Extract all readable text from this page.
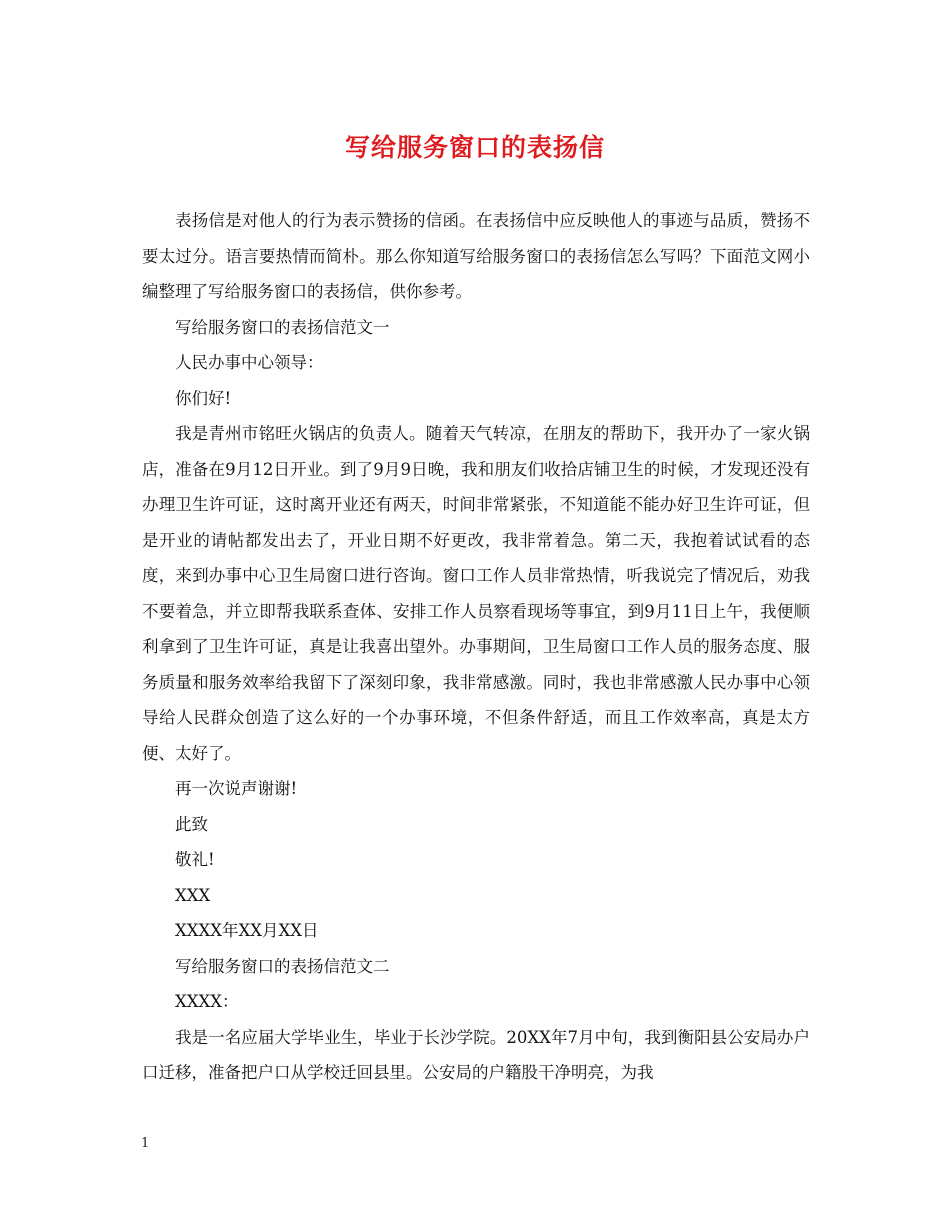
写给服务窗口的表扬信

表扬信是对他人的行为表示赞扬的信函。在表扬信中应反映他人的事迹与品质，赞扬不要太过分。语言要热情而简朴。那么你知道写给服务窗口的表扬信怎么写吗？下面范文网小编整理了写给服务窗口的表扬信，供你参考。

写给服务窗口的表扬信范文一

人民办事中心领导：

你们好!

我是青州市铭旺火锅店的负责人。随着天气转凉，在朋友的帮助下，我开办了一家火锅店，准备在9月12日开业。到了9月9日晚，我和朋友们收拾店铺卫生的时候，才发现还没有办理卫生许可证，这时离开业还有两天，时间非常紧张，不知道能不能办好卫生许可证，但是开业的请帖都发出去了，开业日期不好更改，我非常着急。第二天，我抱着试试看的态度，来到办事中心卫生局窗口进行咨询。窗口工作人员非常热情，听我说完了情况后，劝我不要着急，并立即帮我联系查体、安排工作人员察看现场等事宜，到9月11日上午，我便顺利拿到了卫生许可证，真是让我喜出望外。办事期间，卫生局窗口工作人员的服务态度、服务质量和服务效率给我留下了深刻印象，我非常感激。同时，我也非常感激人民办事中心领导给人民群众创造了这么好的一个办事环境，不但条件舒适，而且工作效率高，真是太方便、太好了。

再一次说声谢谢!

此致

敬礼!

XXX

XXXX年XX月XX日

写给服务窗口的表扬信范文二

XXXX：

我是一名应届大学毕业生，毕业于长沙学院。20XX年7月中旬，我到衡阳县公安局办户口迁移，准备把户口从学校迁回县里。公安局的户籍股干净明亮，为我

1
